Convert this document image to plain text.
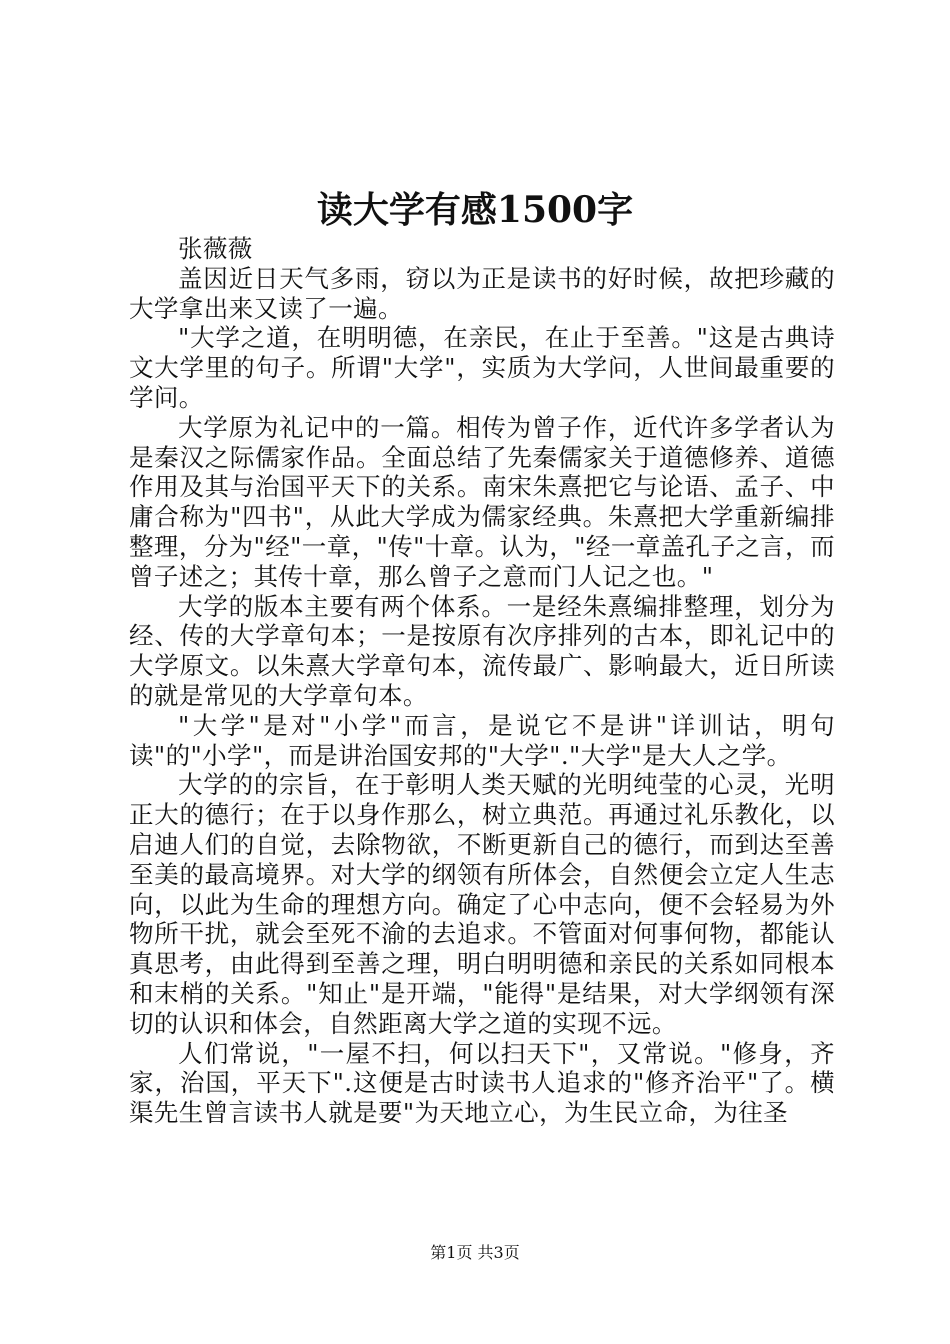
读大学有感1500字

张薇薇

盖因近日天气多雨，窃以为正是读书的好时候，故把珍藏的大学拿出来又读了一遍。

"大学之道，在明明德，在亲民，在止于至善。"这是古典诗文大学里的句子。所谓"大学"，实质为大学问，人世间最重要的学问。

大学原为礼记中的一篇。相传为曾子作，近代许多学者认为是秦汉之际儒家作品。全面总结了先秦儒家关于道德修养、道德作用及其与治国平天下的关系。南宋朱熹把它与论语、孟子、中庸合称为"四书"，从此大学成为儒家经典。朱熹把大学重新编排整理，分为"经"一章，"传"十章。认为，"经一章盖孔子之言，而曾子述之；其传十章，那么曾子之意而门人记之也。"

大学的版本主要有两个体系。一是经朱熹编排整理，划分为经、传的大学章句本；一是按原有次序排列的古本，即礼记中的大学原文。以朱熹大学章句本，流传最广、影响最大，近日所读的就是常见的大学章句本。

"大学"是对"小学"而言，是说它不是讲"详训诂，明句读"的"小学"，而是讲治国安邦的"大学"."大学"是大人之学。

大学的的宗旨，在于彰明人类天赋的光明纯莹的心灵，光明正大的德行；在于以身作那么，树立典范。再通过礼乐教化，以启迪人们的自觉，去除物欲，不断更新自己的德行，而到达至善至美的最高境界。对大学的纲领有所体会，自然便会立定人生志向，以此为生命的理想方向。确定了心中志向，便不会轻易为外物所干扰，就会至死不渝的去追求。不管面对何事何物，都能认真思考，由此得到至善之理，明白明明德和亲民的关系如同根本和末梢的关系。"知止"是开端，"能得"是结果，对大学纲领有深切的认识和体会，自然距离大学之道的实现不远。

人们常说，"一屋不扫，何以扫天下"，又常说。"修身，齐家，治国，平天下".这便是古时读书人追求的"修齐治平"了。横渠先生曾言读书人就是要"为天地立心，为生民立命，为往圣

第1页 共3页
